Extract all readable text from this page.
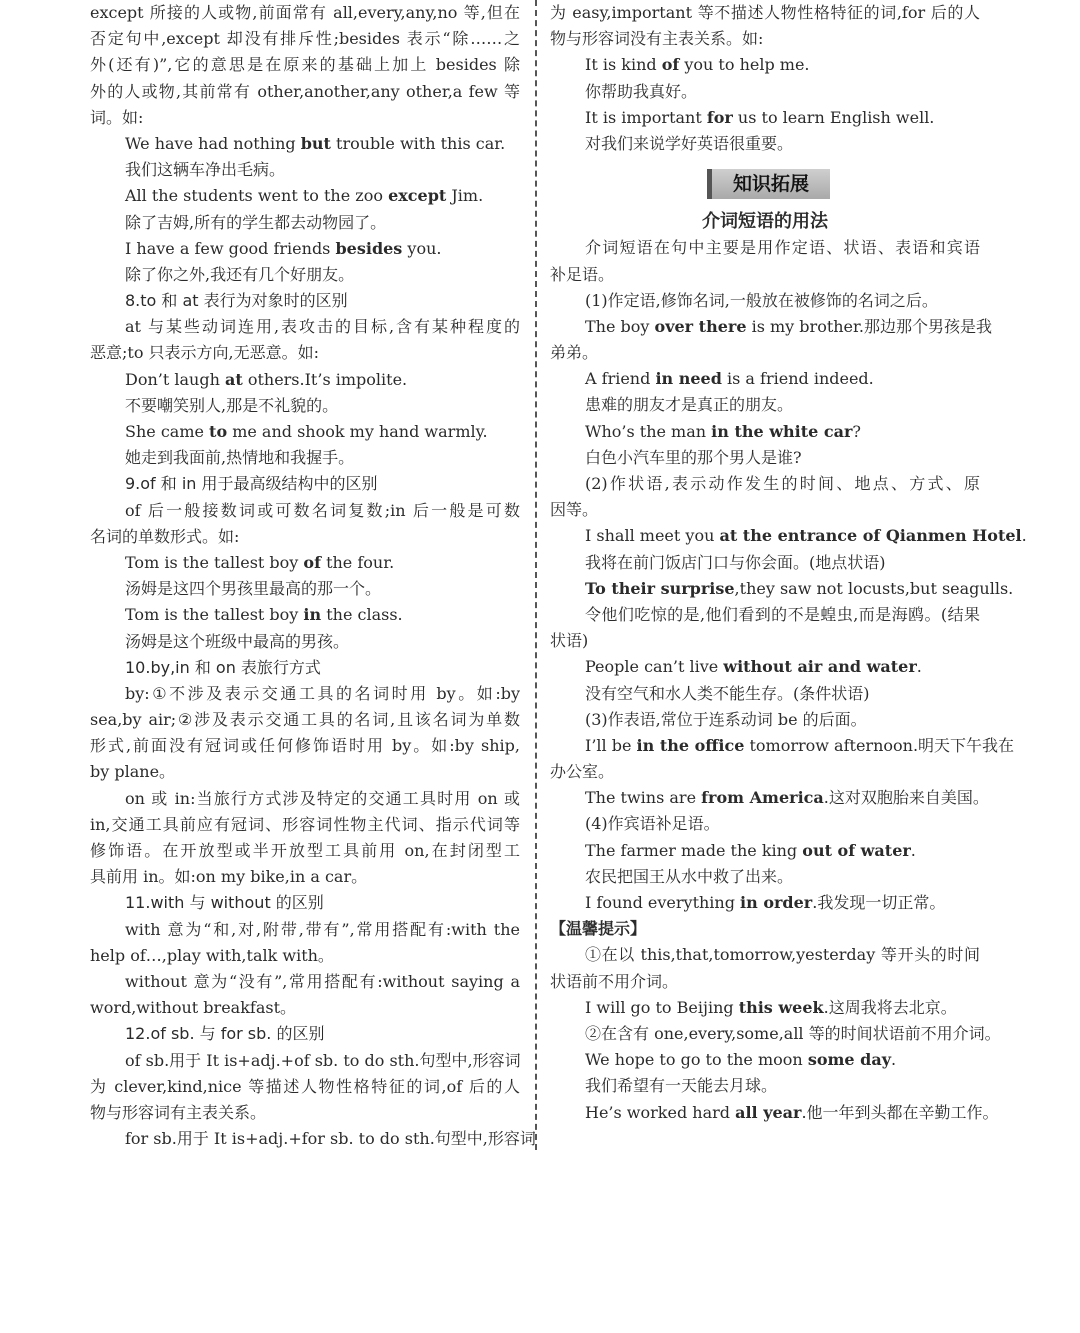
except 所接的人或物,前面常有 all,every,any,no 等,但在
否定句中,except 却没有排斥性;besides 表示“除……之
外(还有)”,它的意思是在原来的基础上加上 besides 除
外的人或物,其前常有 other,another,any other,a few 等
词。如:
We have had nothing but trouble with this car.
我们这辆车净出毛病。
All the students went to the zoo except Jim.
除了吉姆,所有的学生都去动物园了。
I have a few good friends besides you.
除了你之外,我还有几个好朋友。
8.to 和 at 表行为对象时的区别
at 与某些动词连用,表攻击的目标,含有某种程度的
恶意;to 只表示方向,无恶意。如:
Don’t laugh at others.It’s impolite.
不要嘲笑别人,那是不礼貌的。
She came to me and shook my hand warmly.
她走到我面前,热情地和我握手。
9.of 和 in 用于最高级结构中的区别
of 后一般接数词或可数名词复数;in 后一般是可数
名词的单数形式。如:
Tom is the tallest boy of the four.
汤姆是这四个男孩里最高的那一个。
Tom is the tallest boy in the class.
汤姆是这个班级中最高的男孩。
10.by,in 和 on 表旅行方式
by:①不涉及表示交通工具的名词时用 by。如:by
sea,by air;②涉及表示交通工具的名词,且该名词为单数
形式,前面没有冠词或任何修饰语时用 by。如:by ship,
by plane。
on 或 in:当旅行方式涉及特定的交通工具时用 on 或
in,交通工具前应有冠词、形容词性物主代词、指示代词等
修饰语。在开放型或半开放型工具前用 on,在封闭型工
具前用 in。如:on my bike,in a car。
11.with 与 without 的区别
with 意为“和,对,附带,带有”,常用搭配有:with the
help of…,play with,talk with。
without 意为“没有”,常用搭配有:without saying a
word,without breakfast。
12.of sb. 与 for sb. 的区别
of sb.用于 It is+adj.+of sb. to do sth.句型中,形容词
为 clever,kind,nice 等描述人物性格特征的词,of 后的人
物与形容词有主表关系。
for sb.用于 It is+adj.+for sb. to do sth.句型中,形容词
为 easy,important 等不描述人物性格特征的词,for 后的人
物与形容词没有主表关系。如:
It is kind of you to help me.
你帮助我真好。
It is important for us to learn English well.
对我们来说学好英语很重要。
知识拓展
介词短语的用法
介词短语在句中主要是用作定语、状语、表语和宾语
补足语。
(1)作定语,修饰名词,一般放在被修饰的名词之后。
The boy over there is my brother.那边那个男孩是我
弟弟。
A friend in need is a friend indeed.
患难的朋友才是真正的朋友。
Who’s the man in the white car?
白色小汽车里的那个男人是谁?
(2)作状语,表示动作发生的时间、地点、方式、原
因等。
I shall meet you at the entrance of Qianmen Hotel.
我将在前门饭店门口与你会面。(地点状语)
To their surprise,they saw not locusts,but seagulls.
令他们吃惊的是,他们看到的不是蝗虫,而是海鸥。(结果
状语)
People can’t live without air and water.
没有空气和水人类不能生存。(条件状语)
(3)作表语,常位于连系动词 be 的后面。
I’ll be in the office tomorrow afternoon.明天下午我在
办公室。
The twins are from America.这对双胞胎来自美国。
(4)作宾语补足语。
The farmer made the king out of water.
农民把国王从水中救了出来。
I found everything in order.我发现一切正常。
【温馨提示】
①在以 this,that,tomorrow,yesterday 等开头的时间
状语前不用介词。
I will go to Beijing this week.这周我将去北京。
②在含有 one,every,some,all 等的时间状语前不用介词。
We hope to go to the moon some day.
我们希望有一天能去月球。
He’s worked hard all year.他一年到头都在辛勤工作。
